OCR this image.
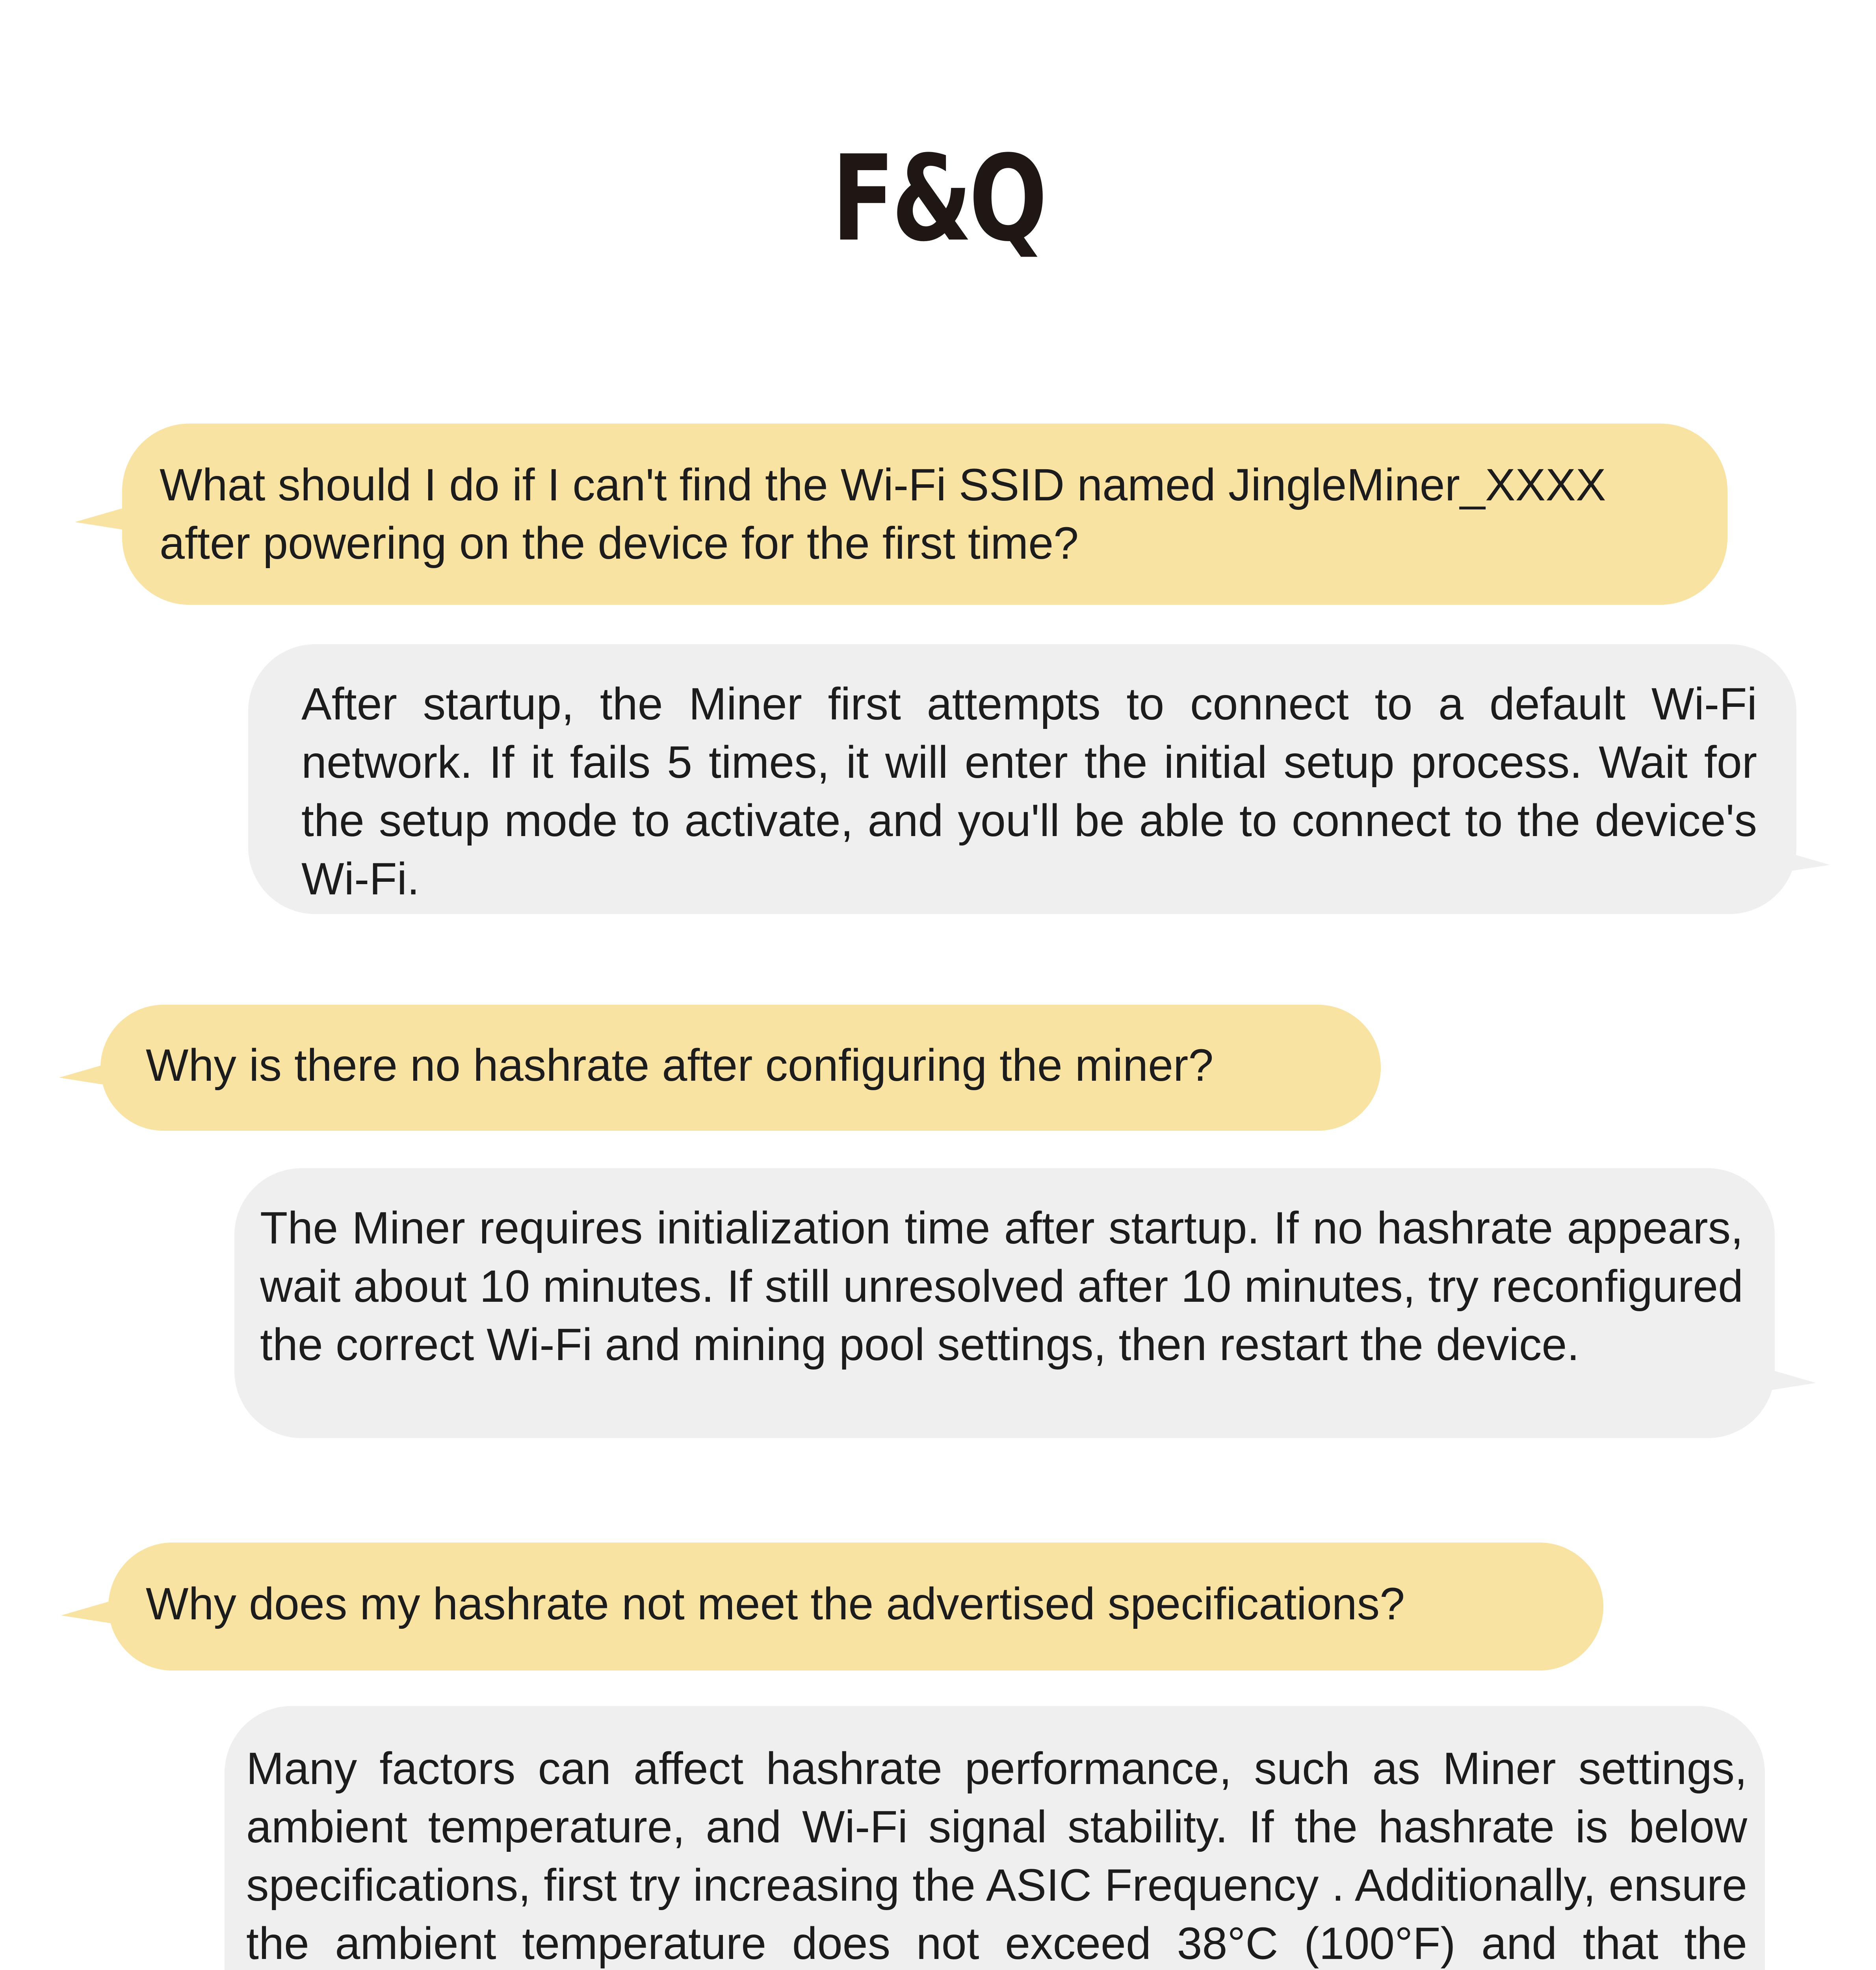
F&Q
What should I do if I can't find the Wi-Fi SSID named JingleMiner_XXXX after powering on the device for the first time?
After startup, the Miner first attempts to connect to a default Wi-Fi network. If it fails 5 times, it will enter the initial setup process. Wait for the setup mode to activate, and you'll be able to connect to the device's Wi-Fi.
Why is there no hashrate after configuring the miner?
The Miner requires initialization time after startup. If no hashrate appears, wait about 10 minutes. If still unresolved after 10 minutes, try reconfigured the correct Wi-Fi and mining pool settings, then restart the device.
Why does my hashrate not meet the advertised specifications?
Many factors can affect hashrate performance, such as Miner settings, ambient temperature, and Wi-Fi signal stability. If the hashrate is below specifications, first try increasing the ASIC Frequency . Additionally, ensure the ambient temperature does not exceed 38°C (100°F) and that the
